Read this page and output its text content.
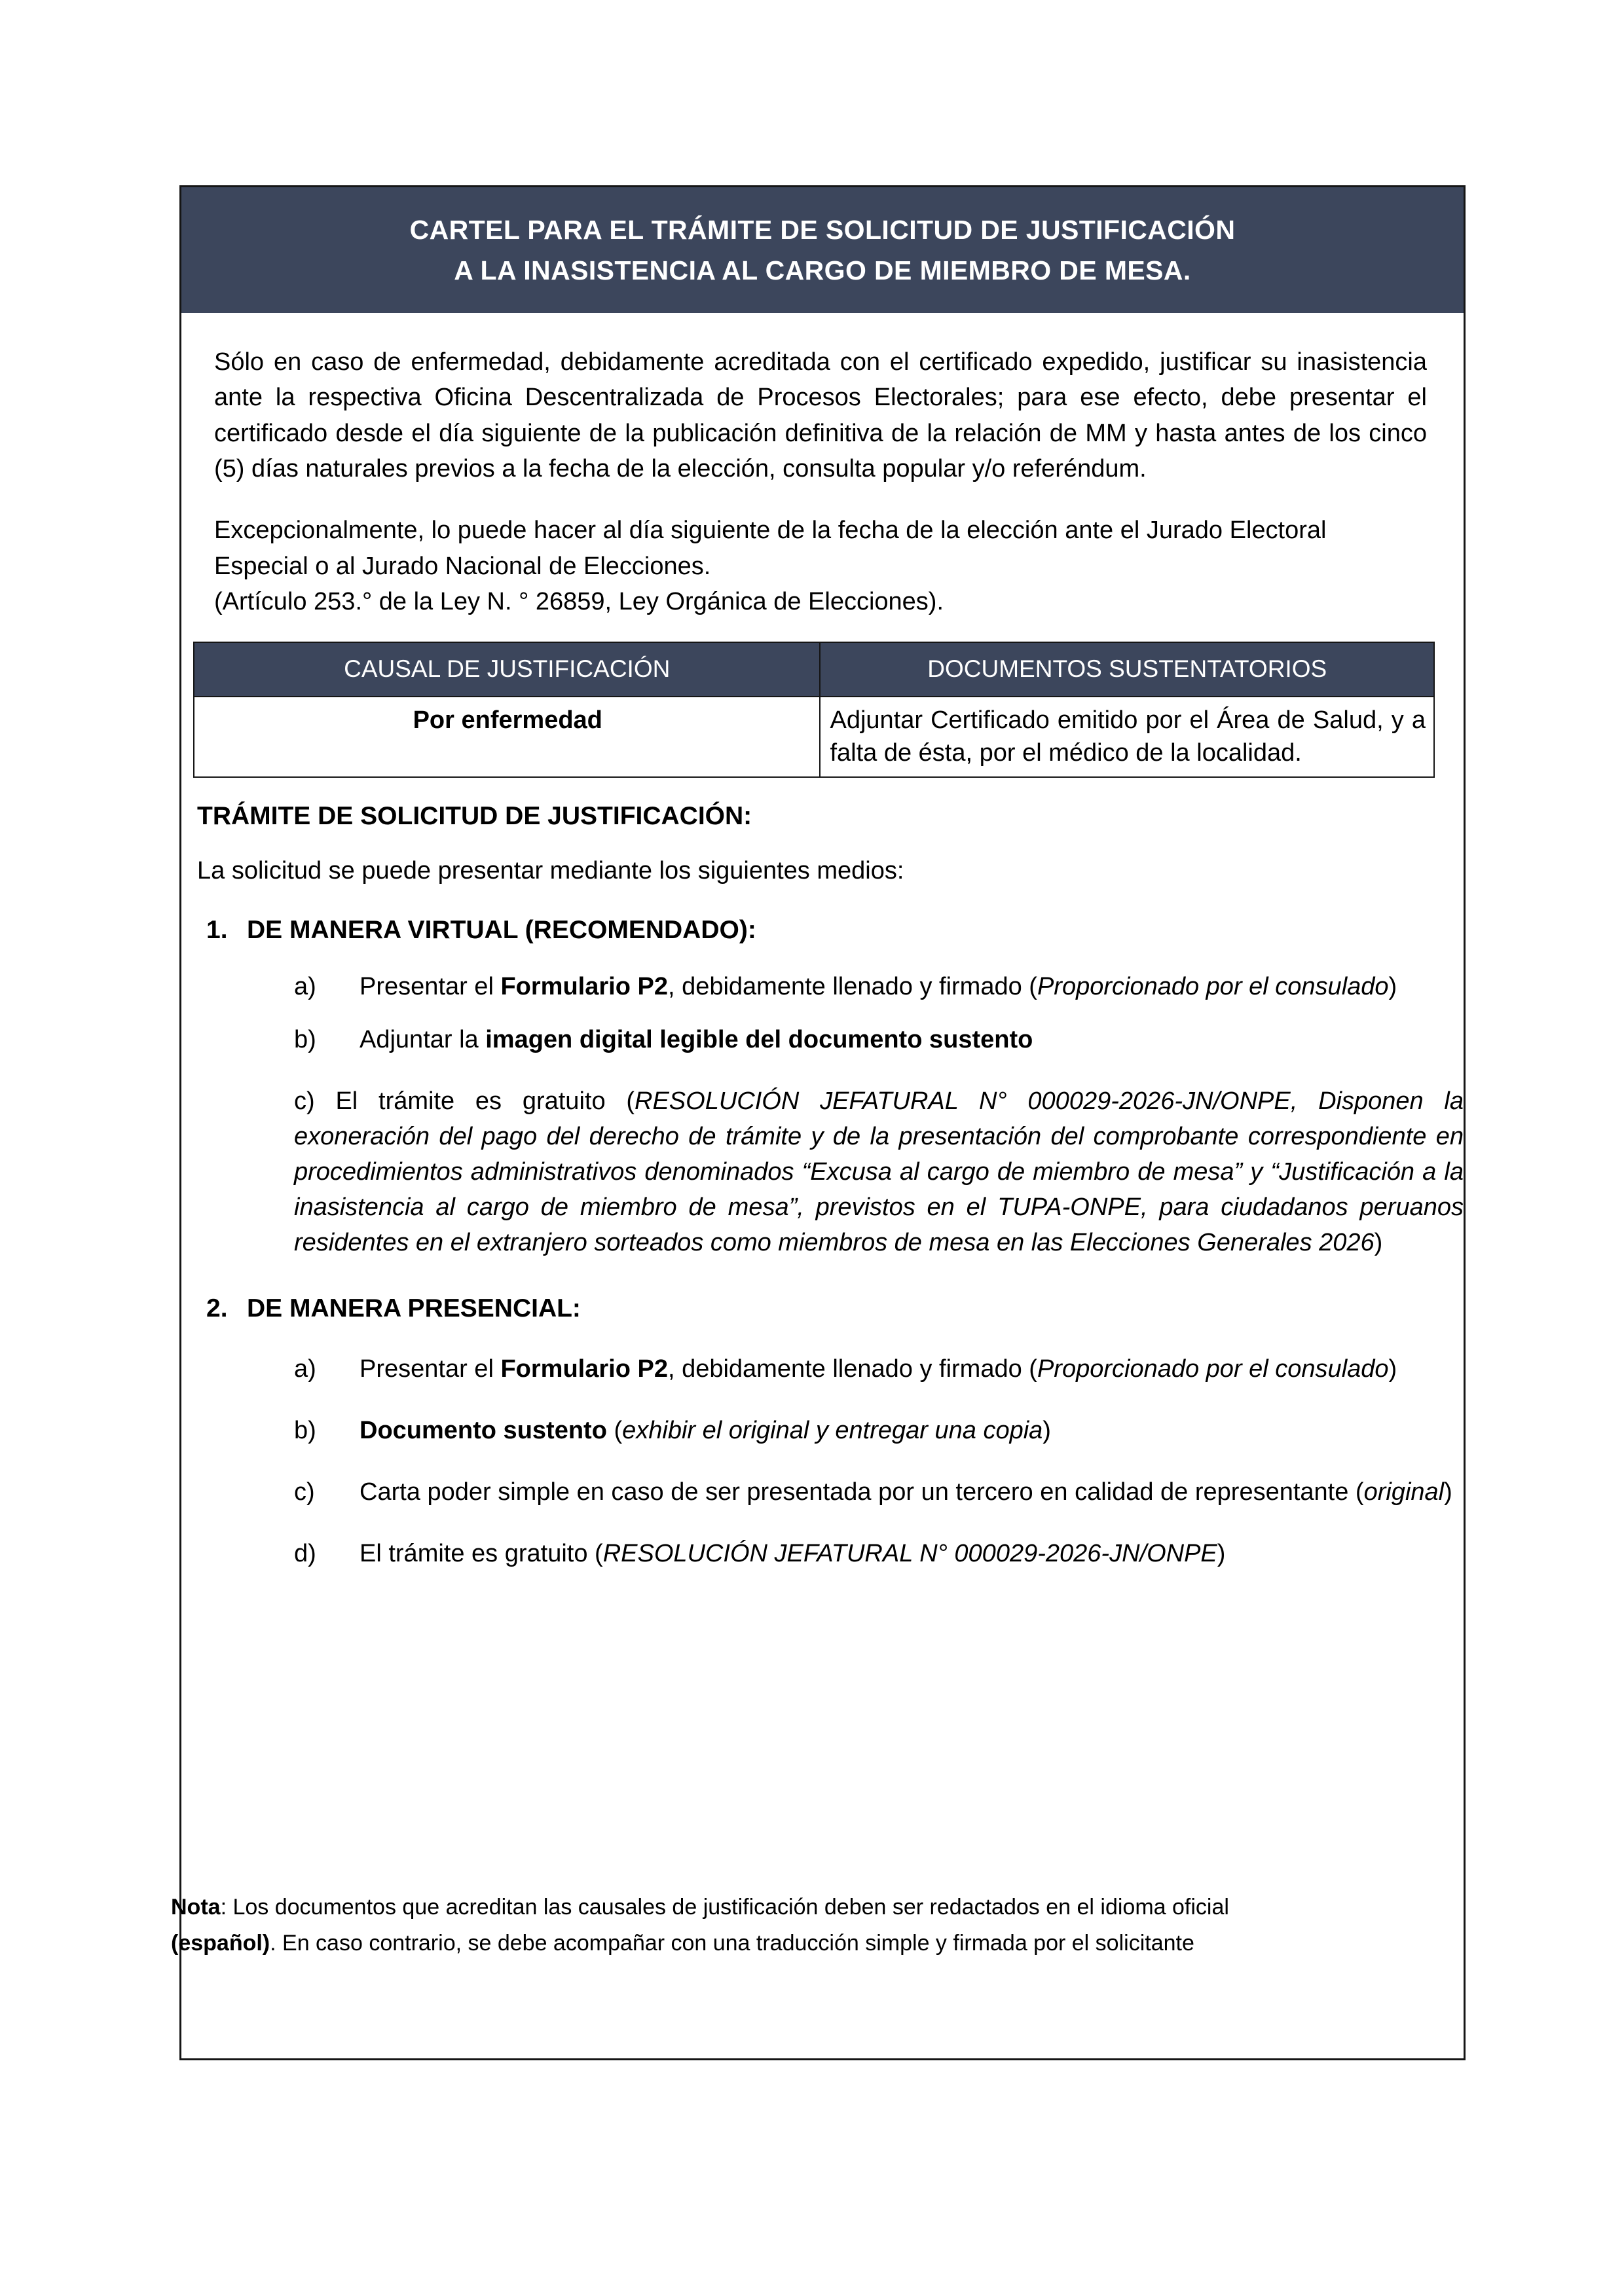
CARTEL PARA EL TRÁMITE DE SOLICITUD DE JUSTIFICACIÓN
A LA INASISTENCIA AL CARGO DE MIEMBRO DE MESA.

Sólo en caso de enfermedad, debidamente acreditada con el certificado expedido, justificar su inasistencia ante la respectiva Oficina Descentralizada de Procesos Electorales; para ese efecto, debe presentar el certificado desde el día siguiente de la publicación definitiva de la relación de MM y hasta antes de los cinco (5) días naturales previos a la fecha de la elección, consulta popular y/o referéndum.

Excepcionalmente, lo puede hacer al día siguiente de la fecha de la elección ante el Jurado Electoral Especial o al Jurado Nacional de Elecciones.

(Artículo 253.° de la Ley N. ° 26859, Ley Orgánica de Elecciones).

CAUSAL DE JUSTIFICACIÓN	DOCUMENTOS SUSTENTATORIOS
Por enfermedad	Adjuntar Certificado emitido por el Área de Salud, y a falta de ésta, por el médico de la localidad.
TRÁMITE DE SOLICITUD DE JUSTIFICACIÓN:
La solicitud se puede presentar mediante los siguientes medios:
1. DE MANERA VIRTUAL (RECOMENDADO):
a)	Presentar el Formulario P2, debidamente llenado y firmado (Proporcionado por el consulado)
b)	Adjuntar la imagen digital legible del documento sustento
c) El trámite es gratuito (RESOLUCIÓN JEFATURAL N° 000029-2026-JN/ONPE, Disponen la exoneración del pago del derecho de trámite y de la presentación del comprobante correspondiente en procedimientos administrativos denominados “Excusa al cargo de miembro de mesa” y “Justificación a la inasistencia al cargo de miembro de mesa”, previstos en el TUPA-ONPE, para ciudadanos peruanos residentes en el extranjero sorteados como miembros de mesa en las Elecciones Generales 2026)
2. DE MANERA PRESENCIAL:
a)	Presentar el Formulario P2, debidamente llenado y firmado (Proporcionado por el consulado)
b)	Documento sustento (exhibir el original y entregar una copia)
c)	Carta poder simple en caso de ser presentada por un tercero en calidad de representante (original)
d)	El trámite es gratuito (RESOLUCIÓN JEFATURAL N° 000029-2026-JN/ONPE)
Nota: Los documentos que acreditan las causales de justificación deben ser redactados en el idioma oficial
(español). En caso contrario, se debe acompañar con una traducción simple y firmada por el solicitante
